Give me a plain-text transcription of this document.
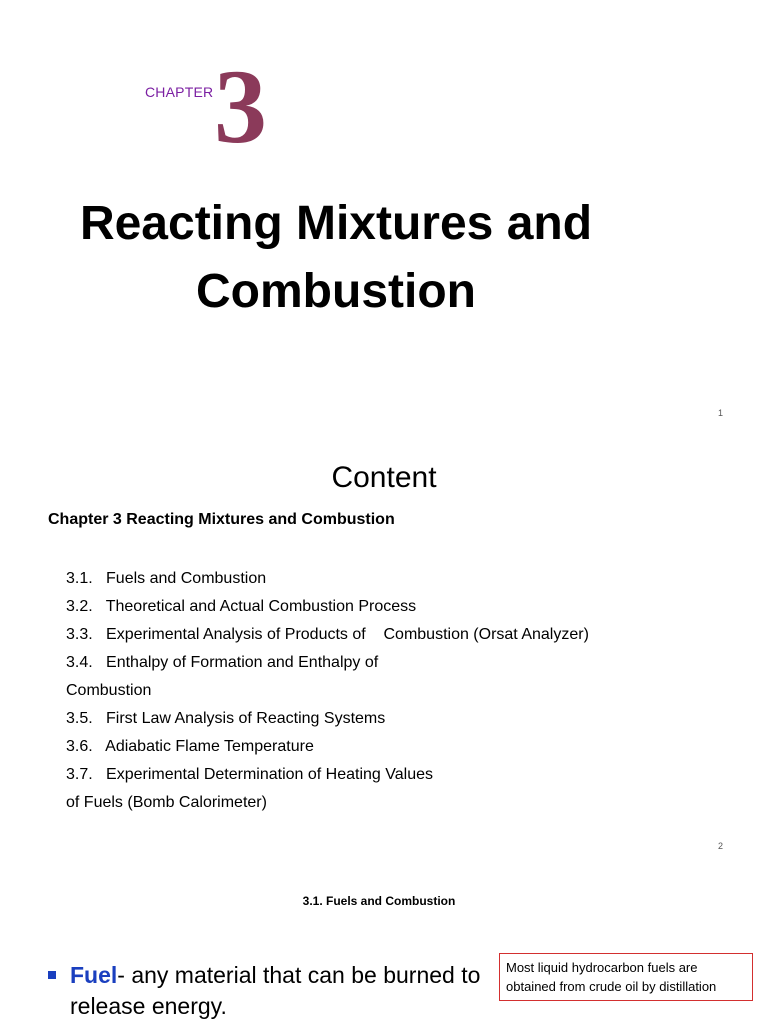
CHAPTER 3
Reacting Mixtures and
Combustion
1
Content
Chapter 3 Reacting Mixtures and Combustion
3.1.   Fuels and Combustion
3.2.   Theoretical and Actual Combustion Process
3.3.   Experimental Analysis of Products of    Combustion (Orsat Analyzer)
3.4.   Enthalpy of Formation and Enthalpy of
Combustion
3.5.   First Law Analysis of Reacting Systems
3.6.   Adiabatic Flame Temperature
3.7.   Experimental Determination of Heating Values
of Fuels (Bomb Calorimeter)
2
3.1. Fuels and Combustion
Fuel- any material that can be burned to release energy.
Most liquid hydrocarbon fuels are obtained from crude oil by distillation
